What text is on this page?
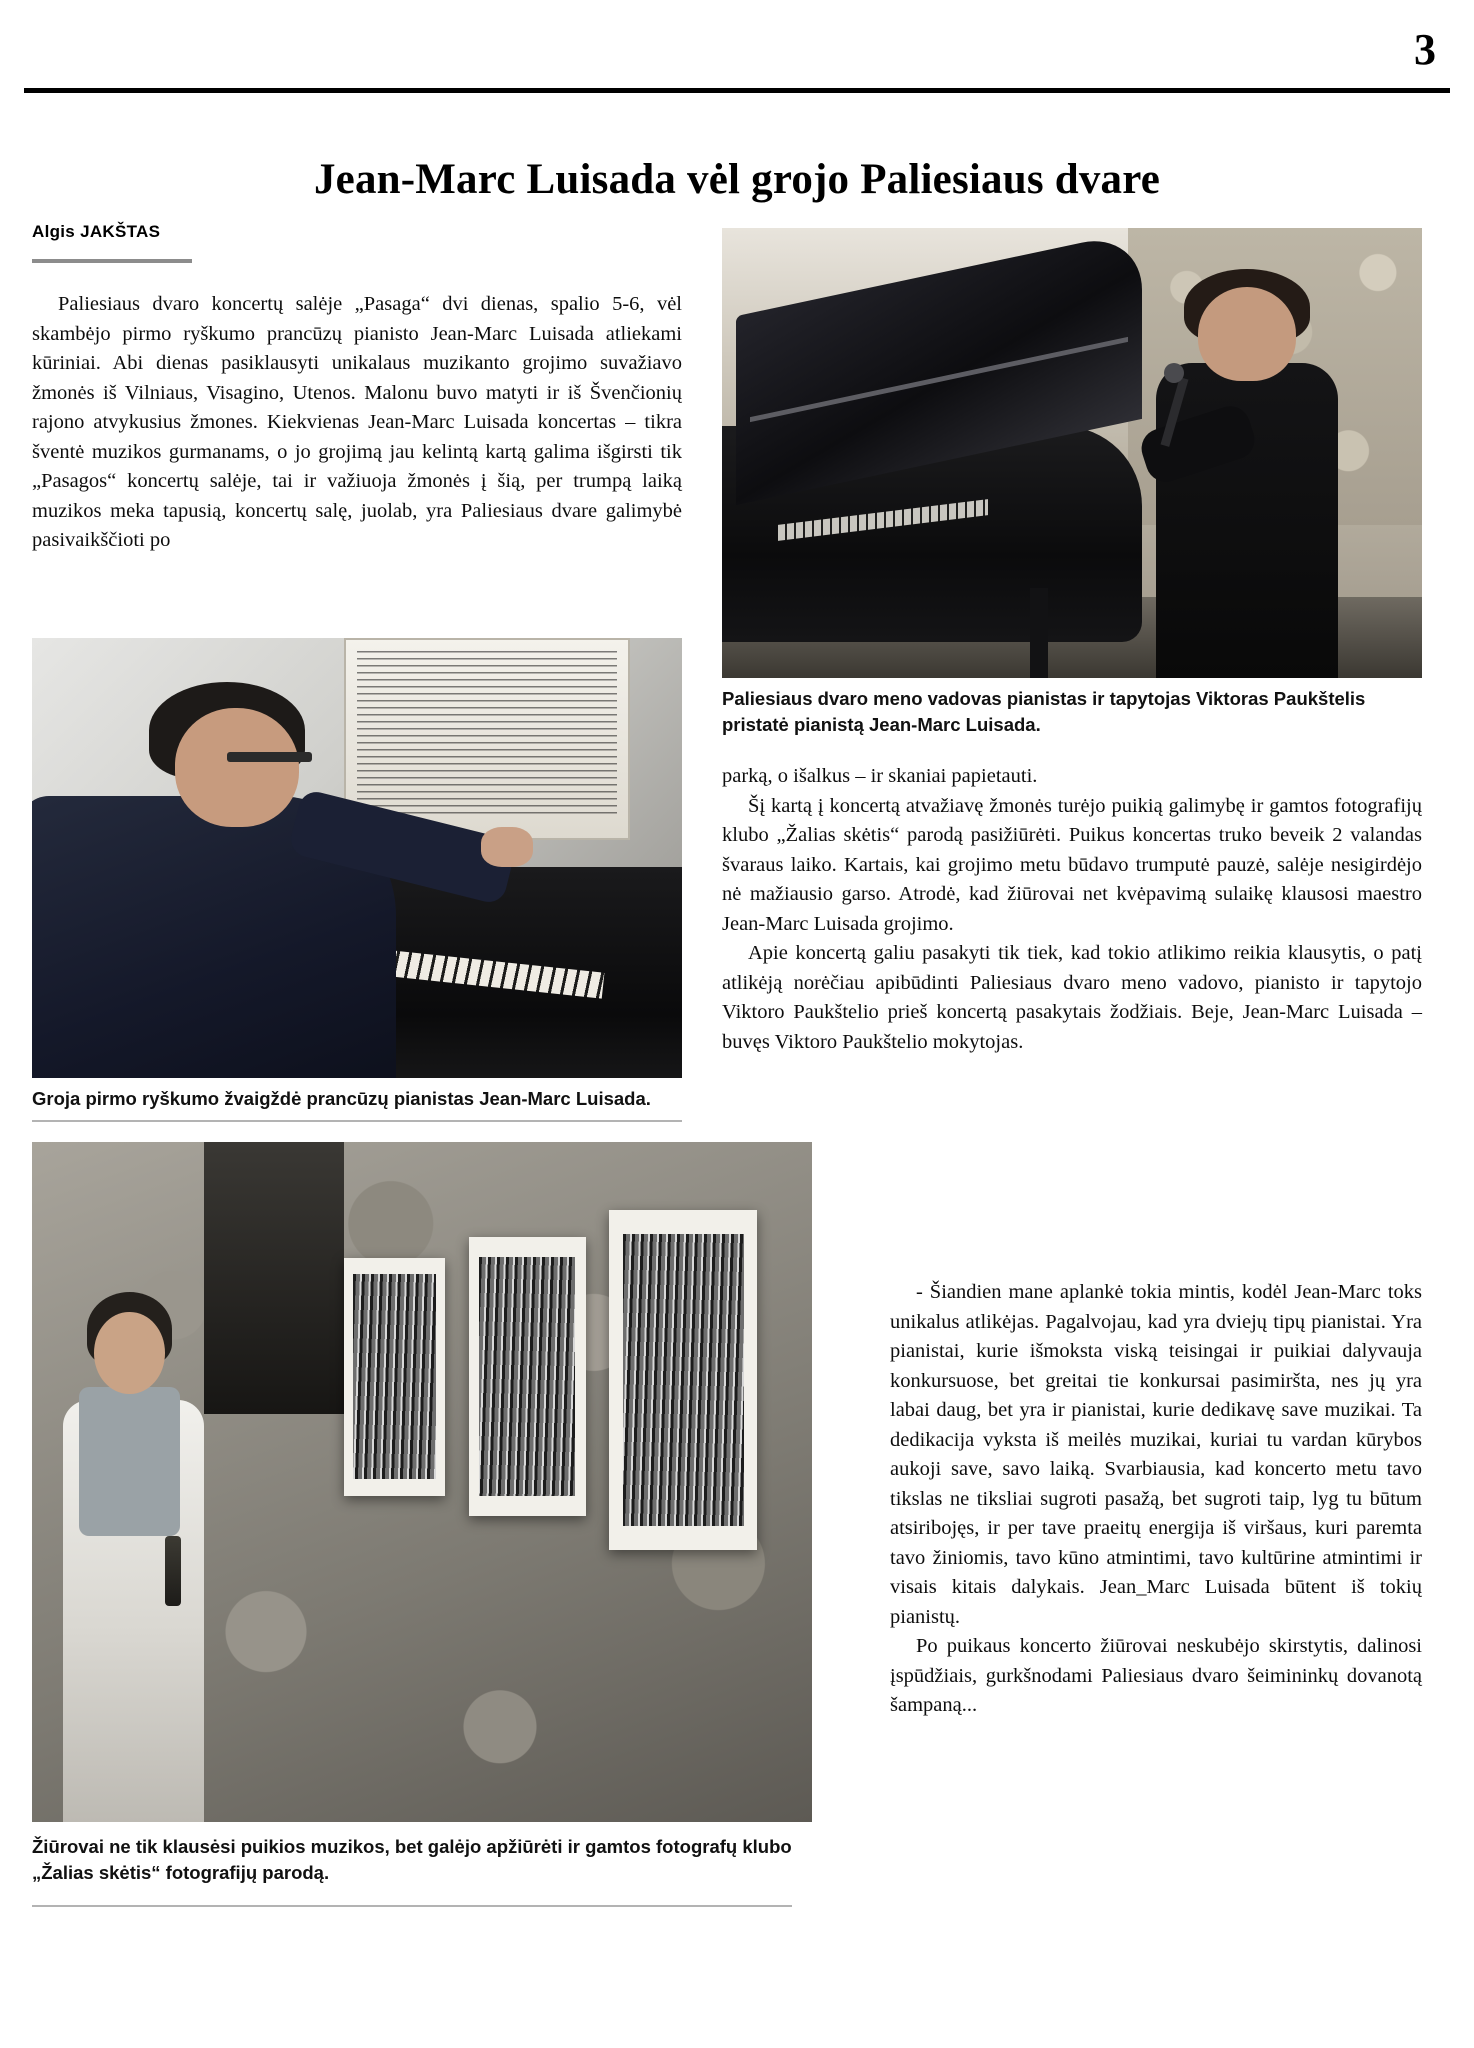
3
Jean-Marc Luisada vėl grojo Paliesiaus dvare
Algis JAKŠTAS

Paliesiaus dvaro koncertų salėje „Pasaga“ dvi dienas, spalio 5-6, vėl skambėjo pirmo ryškumo prancūzų pianisto Jean-Marc Luisada atliekami kūriniai. Abi dienas pasiklausyti unikalaus muzikanto grojimo suvažiavo žmonės iš Vilniaus, Visagino, Utenos. Malonu buvo matyti ir iš Švenčionių rajono atvykusius žmones. Kiekvienas Jean-Marc Luisada koncertas – tikra šventė muzikos gurmanams, o jo grojimą jau kelintą kartą galima išgirsti tik „Pasagos“ koncertų salėje, tai ir važiuoja žmonės į šią, per trumpą laiką muzikos meka tapusią, koncertų salę, juolab, yra Paliesiaus dvare galimybė pasivaikščioti po

Paliesiaus dvaro meno vadovas pianistas ir tapytojas Viktoras Paukštelis pristatė pianistą Jean-Marc Luisada.

parką, o išalkus – ir skaniai papietauti.

Šį kartą į koncertą atvažiavę žmonės turėjo puikią galimybę ir gamtos fotografijų klubo „Žalias skėtis“ parodą pasižiūrėti. Puikus koncertas truko beveik 2 valandas švaraus laiko. Kartais, kai grojimo metu būdavo trumputė pauzė, salėje nesigirdėjo nė mažiausio garso. Atrodė, kad žiūrovai net kvėpavimą sulaikę klausosi maestro Jean-Marc Luisada grojimo.

Apie koncertą galiu pasakyti tik tiek, kad tokio atlikimo reikia klausytis, o patį atlikėją norėčiau apibūdinti Paliesiaus dvaro meno vadovo, pianisto ir tapytojo Viktoro Paukštelio prieš koncertą pasakytais žodžiais. Beje, Jean-Marc Luisada – buvęs Viktoro Paukštelio mokytojas.

Groja pirmo ryškumo žvaigždė prancūzų pianistas Jean-Marc Luisada.

- Šiandien mane aplankė tokia mintis, kodėl Jean-Marc toks unikalus atlikėjas. Pagalvojau, kad yra dviejų tipų pianistai. Yra pianistai, kurie išmoksta viską teisingai ir puikiai dalyvauja konkursuose, bet greitai tie konkursai pasimiršta, nes jų yra labai daug, bet yra ir pianistai, kurie dedikavę save muzikai. Ta dedikacija vyksta iš meilės muzikai, kuriai tu vardan kūrybos aukoji save, savo laiką. Svarbiausia, kad koncerto metu tavo tikslas ne tiksliai sugroti pasažą, bet sugroti taip, lyg tu būtum atsiribojęs, ir per tave praeitų energija iš viršaus, kuri paremta tavo žiniomis, tavo kūno atmintimi, tavo kultūrine atmintimi ir visais kitais dalykais. Jean_Marc Luisada būtent iš tokių pianistų.

Po puikaus koncerto žiūrovai neskubėjo skirstytis, dalinosi įspūdžiais, gurkšnodami Paliesiaus dvaro šeimininkų dovanotą šampaną...

Žiūrovai ne tik klausėsi puikios muzikos, bet galėjo apžiūrėti ir gamtos fotografų klubo „Žalias skėtis“ fotografijų parodą.
